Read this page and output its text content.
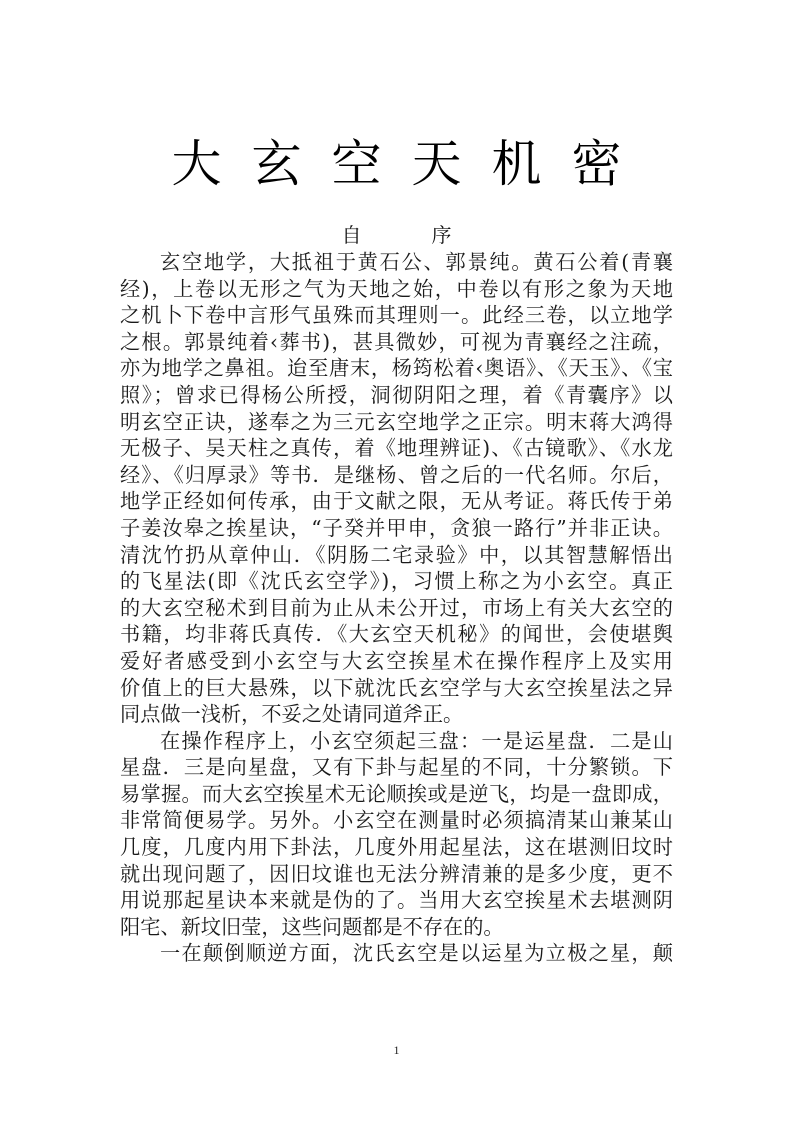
大玄空天机密
自	序
玄空地学，大抵祖于黄石公、郭景纯。黄石公着(青襄
经)，上卷以无形之气为天地之始，中卷以有形之象为天地
之机卜下卷中言形气虽殊而其理则一。此经三卷，以立地学
之根。郭景纯着‹葬书)，甚具微妙，可视为青襄经之注疏，
亦为地学之鼻祖。迨至唐末，杨筠松着‹奥语》、《天玉》、《宝
照》；曾求已得杨公所授，洞彻阴阳之理，着《青囊序》以
明玄空正诀，遂奉之为三元玄空地学之正宗。明末蒋大鸿得
无极子、吴天柱之真传，着《地理辨证)、《古镜歌》、《水龙
经》、《归厚录》等书．是继杨、曾之后的一代名师。尔后，
地学正经如何传承，由于文献之限，无从考证。蒋氏传于弟
子姜汝皋之挨星诀，“子癸并甲申，贪狼一路行”并非正诀。
清沈竹扔从章仲山．《阴肠二宅录验》中，以其智慧解悟出
的飞星法(即《沈氏玄空学》)，习惯上称之为小玄空。真正
的大玄空秘术到目前为止从未公开过，市场上有关大玄空的
书籍，均非蒋氏真传．《大玄空天机秘》的闻世，会使堪舆
爱好者感受到小玄空与大玄空挨星术在操作程序上及实用
价值上的巨大悬殊，以下就沈氏玄空学与大玄空挨星法之异
同点做一浅析，不妥之处请同道斧正。
在操作程序上，小玄空须起三盘：一是运星盘．二是山
星盘．三是向星盘，又有下卦与起星的不同，十分繁锁。下
易掌握。而大玄空挨星术无论顺挨或是逆飞，均是一盘即成，
非常简便易学。另外。小玄空在测量时必须搞清某山兼某山
几度，几度内用下卦法，几度外用起星法，这在堪测旧坟时
就出现问题了，因旧坟谁也无法分辨清兼的是多少度，更不
用说那起星诀本来就是伪的了。当用大玄空挨星术去堪测阴
阳宅、新坟旧莹，这些问题都是不存在的。
一在颠倒顺逆方面，沈氏玄空是以运星为立极之星，颠
1
